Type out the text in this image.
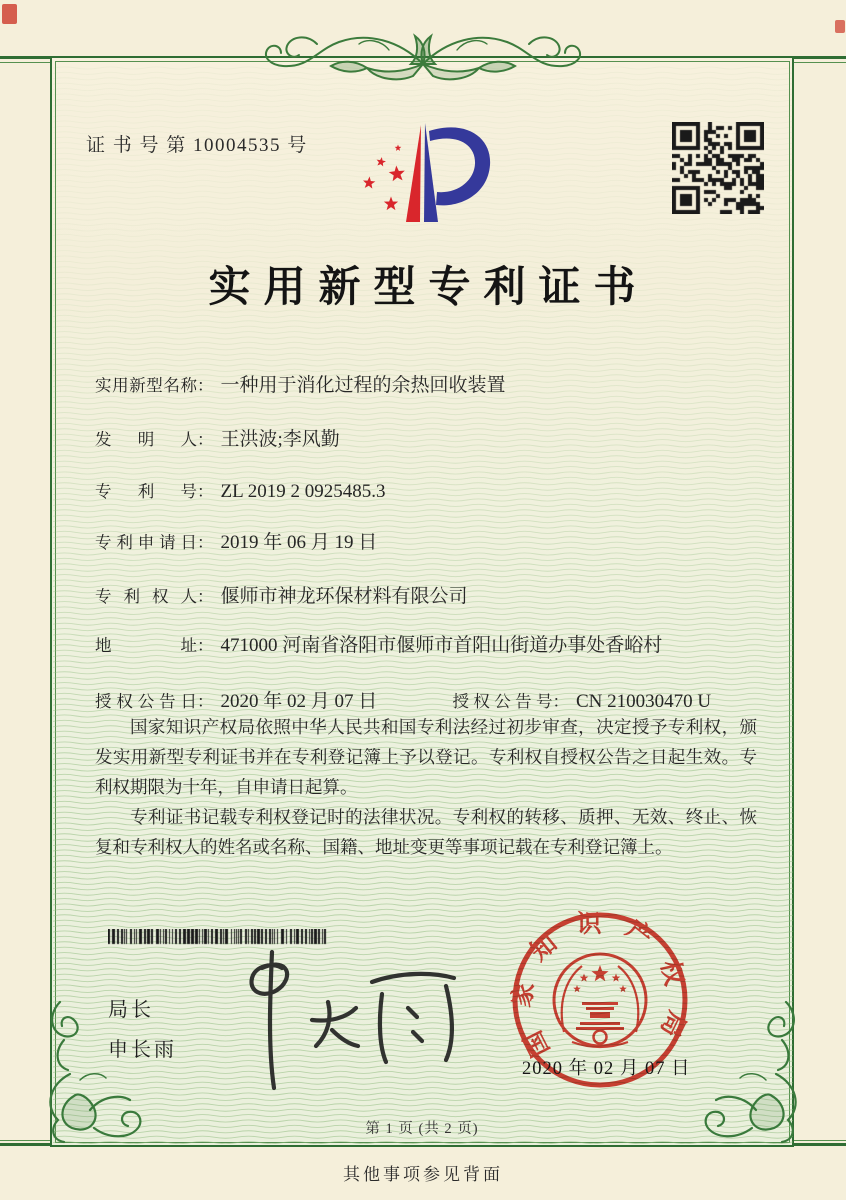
证 书 号 第 10004535 号
实用新型专利证书
实用新型名称： 一种用于消化过程的余热回收装置
发明人： 王洪波;李风勤
专利号： ZL 2019 2 0925485.3
专利申请日： 2019 年 06 月 19 日
专利权人： 偃师市神龙环保材料有限公司
地址： 471000 河南省洛阳市偃师市首阳山街道办事处香峪村
授权公告日： 2020 年 02 月 07 日	授权公告号： CN 210030470 U

国家知识产权局依照中华人民共和国专利法经过初步审查，决定授予专利权，颁发实用新型专利证书并在专利登记簿上予以登记。专利权自授权公告之日起生效。专利权期限为十年，自申请日起算。

专利证书记载专利权登记时的法律状况。专利权的转移、质押、无效、终止、恢复和专利权人的姓名或名称、国籍、地址变更等事项记载在专利登记簿上。

局长
申长雨	国家知识产权局
2020 年 02 月 07 日
第 1 页 (共 2 页)
其他事项参见背面
